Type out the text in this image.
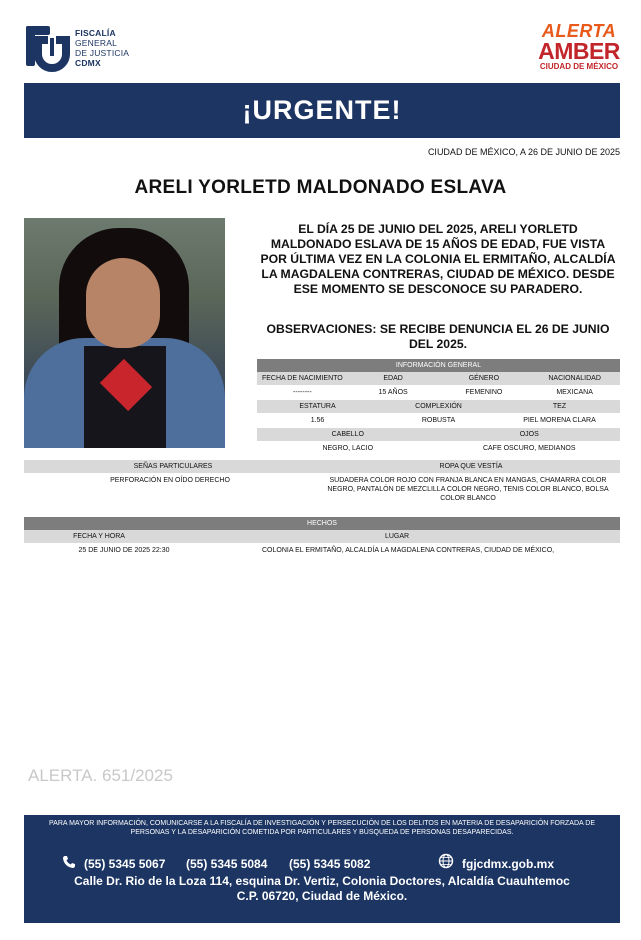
FISCALÍA
GENERAL
DE JUSTICIA
CDMX
ALERTA
AMBER
CIUDAD DE MÉXICO
¡URGENTE!
CIUDAD DE MÉXICO, A 26 DE JUNIO DE 2025
ARELI YORLETD MALDONADO ESLAVA
EL DÍA 25 DE JUNIO DEL 2025, ARELI YORLETD MALDONADO ESLAVA DE 15 AÑOS DE EDAD, FUE VISTA POR ÚLTIMA VEZ EN LA COLONIA EL ERMITAÑO, ALCALDÍA LA MAGDALENA CONTRERAS, CIUDAD DE MÉXICO. DESDE ESE MOMENTO SE DESCONOCE SU PARADERO.
OBSERVACIONES: SE RECIBE DENUNCIA EL 26 DE JUNIO DEL 2025.
INFORMACIÓN GENERAL
FECHA DE NACIMIENTO	EDAD	GÉNERO	NACIONALIDAD
--------	15 AÑOS	FEMENINO	MEXICANA
ESTATURA	COMPLEXIÓN	TEZ
1.56	ROBUSTA	PIEL MORENA CLARA
CABELLO	OJOS
NEGRO, LACIO	CAFE OSCURO, MEDIANOS
SEÑAS PARTICULARES	ROPA QUE VESTÍA
PERFORACIÓN EN OÍDO DERECHO	SUDADERA COLOR ROJO CON FRANJA BLANCA EN MANGAS, CHAMARRA COLOR NEGRO, PANTALÓN DE MEZCLILLA COLOR NEGRO, TENIS COLOR BLANCO, BOLSA COLOR BLANCO
HECHOS
FECHA Y HORA	LUGAR
25 DE JUNIO DE 2025 22:30	COLONIA EL ERMITAÑO, ALCALDÍA LA MAGDALENA CONTRERAS, CIUDAD DE MÉXICO,
ALERTA. 651/2025
PARA MAYOR INFORMACIÓN, COMUNICARSE A LA FISCALÍA DE INVESTIGACIÓN Y PERSECUCIÓN DE LOS DELITOS EN MATERIA DE DESAPARICIÓN FORZADA DE PERSONAS Y LA DESAPARICIÓN COMETIDA POR PARTICULARES Y BÚSQUEDA DE PERSONAS DESAPARECIDAS.
(55) 5345 5067 (55) 5345 5084 (55) 5345 5082	fgjcdmx.gob.mx
Calle Dr. Rio de la Loza 114, esquina Dr. Vertiz, Colonia Doctores, Alcaldía Cuauhtemoc
C.P. 06720, Ciudad de México.
